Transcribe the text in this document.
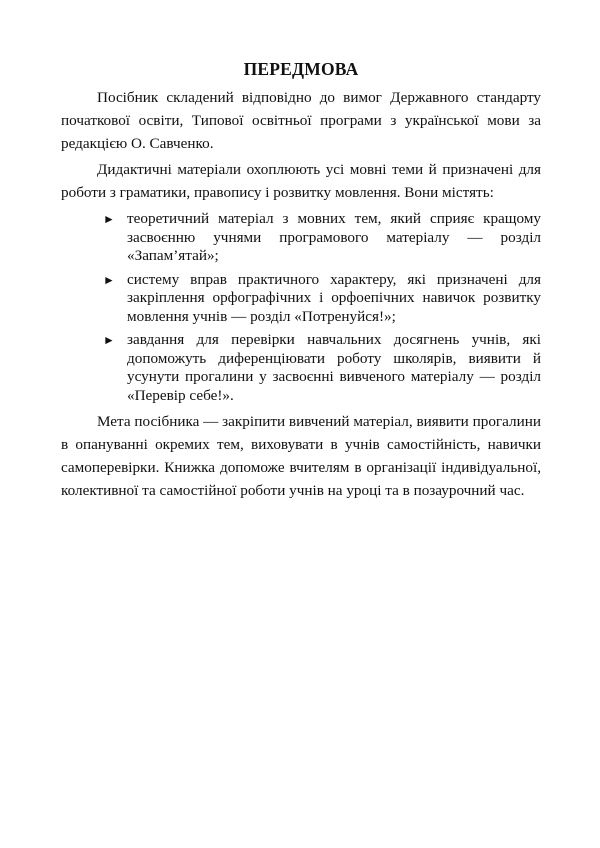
ПЕРЕДМОВА

Посібник складений відповідно до вимог Державного стандарту початкової освіти, Типової освітньої програми з української мови за редакцією О. Савченко.

Дидактичні матеріали охоплюють усі мовні теми й призначені для роботи з граматики, правопису і розвитку мовлення. Вони містять:

► теоретичний матеріал з мовних тем, який сприяє кращому засвоєнню учнями програмового матеріалу — розділ «Запам’ятай»;
► систему вправ практичного характеру, які призначені для закріплення орфографічних і орфоепічних навичок розвитку мовлення учнів — розділ «Потренуйся!»;
► завдання для перевірки навчальних досягнень учнів, які допоможуть диференціювати роботу школярів, виявити й усунути прогалини у засвоєнні вивченого матеріалу — розділ «Перевір себе!».

Мета посібника — закріпити вивчений матеріал, виявити прогалини в опануванні окремих тем, виховувати в учнів самостійність, навички самоперевірки. Книжка допоможе вчителям в організації індивідуальної, колективної та самостійної роботи учнів на уроці та в позаурочний час.
